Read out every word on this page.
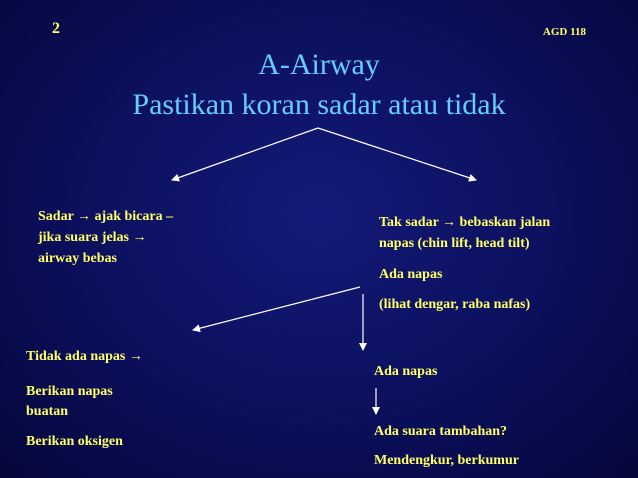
2	AGD 118
A-Airway
Pastikan koran sadar atau tidak
Sadar → ajak bicara –
jika suara jelas →
airway bebas
Tak sadar → bebaskan jalan
napas (chin lift, head tilt)
Ada napas
(lihat dengar, raba nafas)
Tidak ada napas →
Berikan napas
buatan
Berikan oksigen
Ada napas
Ada suara tambahan?
Mendengkur, berkumur
